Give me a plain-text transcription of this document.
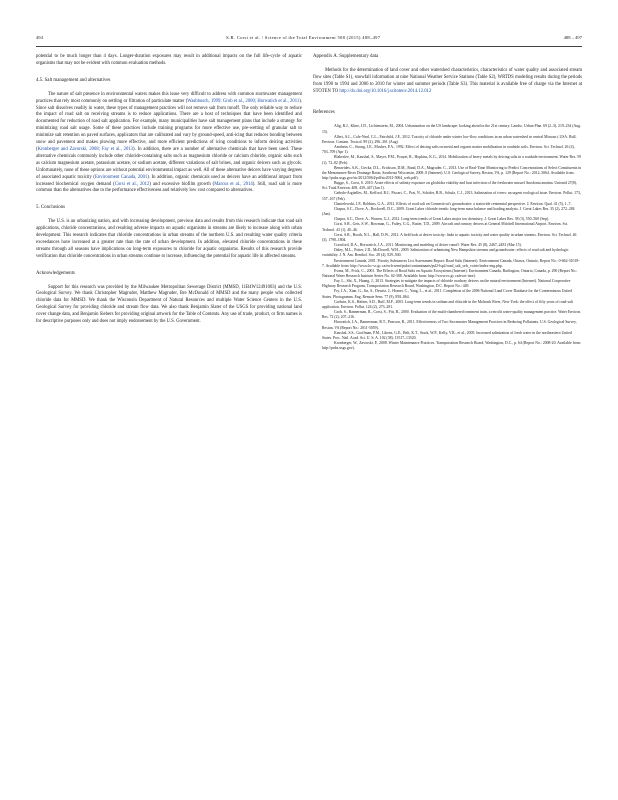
494	S.R. Corsi et al. / Science of the Total Environment 508 (2015) 488–497	488 – 497

potential to be much longer than 4 days. Longer-duration exposures may result in additional impacts on the full life-cycle of aquatic organisms that may not be evident with common evaluation methods.

4.5. Salt management and alternatives

The nature of salt presence in environmental waters makes this issue very difficult to address with common stormwater management practices that rely most commonly on settling or filtration of particulate matter (Washbusch, 1999; Grob et al., 2000; Horwatich et al., 2011). Since salt dissolves readily in water, these types of management practices will not remove salt from runoff. The only reliable way to reduce the impact of road salt on receiving streams is to reduce applications. There are a host of techniques that have been identified and documented for reduction of road salt application. For example, many municipalities have salt management plans that include a strategy for minimizing road salt usage. Some of these practices include training programs for more effective use, pre-wetting of granular salt to minimize salt retention on paved surfaces, applicators that are calibrated and vary by ground-speed, anti-icing that reduces bonding between snow and pavement and makes plowing more effective, and more efficient predictions of icing conditions to inform deicing activities (Kronberger and Zavorski, 2008; Fay et al., 2013). In addition, there are a number of alternative chemicals that have been used. These alternative chemicals commonly include other chloride-containing salts such as magnesium chloride or calcium chloride, organic salts such as calcium magnesium acetate, potassium acetate, or sodium acetate, different variations of salt brines, and organic deicers such as glycols. Unfortunately, none of these options are without potential environmental impact as well. All of these alternative deicers have varying degrees of associated aquatic toxicity (Environment Canada, 2001). In addition, organic chemicals used as deicers have an additional impact from increased biochemical oxygen demand (Corsi et al., 2012) and excessive biofilm growth (Marcus et al., 2014). Still, road salt is more common than the alternatives due to the performance effectiveness and relatively low cost compared to alternatives.

5. Conclusions

The U.S. is an urbanizing nation, and with increasing development, previous data and results from this research indicate that road salt applications, chloride concentrations, and resulting adverse impacts on aquatic organisms in streams are likely to increase along with urban development. This research indicates that chloride concentrations in urban streams of the northern U.S. and resulting water quality criteria exceedances have increased at a greater rate than the rate of urban development. In addition, elevated chloride concentrations in these streams through all seasons have implications on long-term exposures to chloride for aquatic organisms. Results of this research provide verification that chloride concentrations in urban streams continue to increase, influencing the potential for aquatic life in affected streams.

Acknowledgements

Support for this research was provided by the Milwaukee Metropolitan Sewerage District (MMSD, 11B4W12491003) and the U.S. Geological Survey. We thank Christopher Magruder, Matthew Magruder, Bre McDonald of MMSD and the many people who collected chloride data for MMSD. We thank the Wisconsin Department of Natural Resources and multiple Water Science Centers in the U.S. Geological Survey for providing chloride and stream flow data. We also thank Benjamin Slater of the USGS for providing national land cover change data, and Benjamin Siebers for providing original artwork for the Table of Contents. Any use of trade, product, or firm names is for descriptive purposes only and does not imply endorsement by the U.S. Government.

Appendix A. Supplementary data

Methods for the determination of land cover and other watershed characteristics, characteristics of water quality and associated stream flow sites (Table S1), snowfall information at nine National Weather Service Stations (Table S2), WRTDS modeling results during the periods from 1990 to 1994 and 2006 to 2010 for winter and summer periods (Table S3). This material is available free of charge via the Internet at STOTEN TO http://dx.doi.org/10.1016/j.scitotenv.2014.12.012

References

Alig, R.J., Kline, J.D., Lichtenstein, M., 2004. Urbanization on the US landscape: looking ahead in the 21st century. Landsc. Urban Plan. 69 (2–3), 219–234 (Aug. 15).

Allert, A.L., Cole-Neal, C.L., Fairchild, J.F., 2012. Toxicity of chloride under winter low-flow conditions in an urban watershed in central Missouri, USA. Bull. Environ. Contam. Toxicol. 89 (2), 296–301 (Aug).

Amrhein, C., Strong, J.E., Mosher, P.A., 1992. Effect of deicing salts on metal and organic matter mobilization in roadside soils. Environ. Sci. Technol. 26 (4), 703–709 (Apr 1).

Blakeslee, M., Kaushal, S., Mayer, P.M., Pouyat, R., Hopkins, K.G., 2014. Mobilization of heavy metals by deicing salts in a roadside environment. Water Res. 59 (1), 72–82 (Feb).

Benavides, A.K., Ciecka, D.L., Erickson, D.M., Rand, D.A., Magruder, C., 2013. Use of Real-Time Monitoring to Predict Concentrations of Select Constituents in the Menomonee River Drainage Basin, Southeast Wisconsin, 2008–9 (Internet). U.S. Geological Survey, Reston, VA, p. 129 (Report No.: 2012–5064. Available from: http://pubs.usgs.gov/sir/2012/5064/pdf/sir2012-5064_web.pdf).

Bugge, S., Corsi, S. 2010. Acute effects of salinity exposure on glochidia viability and host infection of the freshwater mussel Anodonta anatina. Unionid 27(8), Sci. Total Environ. 408, 439–447 (Jan 1).

Cañedo-Argüelles, M., Kefford, B.J., Piscart, C., Prat, N., Schäfer, R.B., Schulz, C.J., 2013. Salinisation of rivers: an urgent ecological issue. Environ. Pollut. 173, 157–167 (Feb).

Chmielewski, J.P., Robbins, G.A., 2012. Effects of road salt on Connecticut's groundwater: a statewide centennial perspective. J. Environ. Qual. 41 (5), 1–7.

Chapra, S.C., Dove, A., Rockwell, D.C., 2009. Great Lakes chloride trends: long-term mass balance and loading analysis. J. Great Lakes Res. 35 (2), 272–284 (Jun).

Chapra, S.C., Dove, A., Warren, G.J., 2012. Long-term trends of Great Lakes major ion chemistry. J. Great Lakes Res. 38 (3), 550–560 (Sep).

Corsi, S.R., Geis, S.W., Bowman, G., Failey, G.G., Rutter, T.D., 2009. Aircraft and runway deicers at General Mitchell International Airport. Environ. Sci. Technol. 43 (1), 40–46.

Corsi, S.R., Booth, N.L., Hall, D.W., 2012. A field look at deicer toxicity: links to aquatic toxicity and water quality in urban streams. Environ. Sci. Technol. 46 (3), 1798–1804.

Crawford, D.A., Horwatich, J.A., 2011. Monitoring and modeling of deicer runoff. Water Res. 45 (8), 2467–2481 (Mar 15).

Daley, M.L., Potter, J.D., McDowell, W.H., 2009. Salinization of urbanizing New Hampshire streams and groundwater: effects of road salt and hydrologic variability. J. N. Am. Benthol. Soc. 28 (4), 929–940.

Environment Canada, 2001. Priority Substances List Assessment Report: Road Salts (Internet). Environment Canada, Ottawa, Ontario, Report No.: 0-662-31018-7. Available from: http://www.hc-sc.gc.ca/ewh-semt/pubs/contaminants/psl2-lsp2/road_salt_sels_voirie/index-eng.php.

Evans, M., Frick, C., 2001. The Effects of Road Salts on Aquatic Ecosystems (Internet). Environment Canada, Burlington, Ontario, Canada, p. 290 (Report No.: National Water Research Institute Series No. 02-308. Available from: http://www.ec.gc.ca/nwri-inre).

Fay, L., Shi, X., Huang, J., 2013. Strategies to mitigate the impacts of chloride roadway deicers on the natural environment (Internet). National Cooperative Highway Research Program, Transportation Research Board, Washington, D.C. Report No.: 449.

Fry, J.A., Xian, G., Jin, S., Dewitz, J., Homer, C., Yang, L., et al., 2011. Completion of the 2006 National Land Cover Database for the Conterminous United States. Photogramm. Eng. Remote Sens. 77 (9), 858–864.

Godwin, K.S., Hafner, S.D., Buff, M.F., 2003. Long-term trends in sodium and chloride in the Mohawk River, New York: the effect of fifty years of road-salt application. Environ. Pollut. 124 (2), 273–281.

Grob, S., Bannerman, R., Corsi, S., Pitt, R., 2000. Evaluation of the multi-chambered treatment train, a retrofit water-quality management practice. Water Environ. Res. 72 (2), 207–216.

Horwatich, J.A., Bannerman, R.T., Pearson, R., 2011. Effectiveness of Two Stormwater Management Practices in Reducing Pollutants. U.S. Geological Survey, Reston, VA (Report No.: 2011-5059).

Kaushal, S.S., Groffman, P.M., Likens, G.E., Belt, K.T., Stack, W.P., Kelly, V.R., et al., 2005. Increased salinization of fresh water in the northeastern United States. Proc. Natl. Acad. Sci. U. S. A. 102 (38), 13517–13520.

Kronberger, W., Zavorski, P., 2008. Winter Maintenance Practices. Transportation Research Board, Washington, D.C., p. 64 (Report No.: 2008-20. Available from: http://pubs.usgs.gov).
